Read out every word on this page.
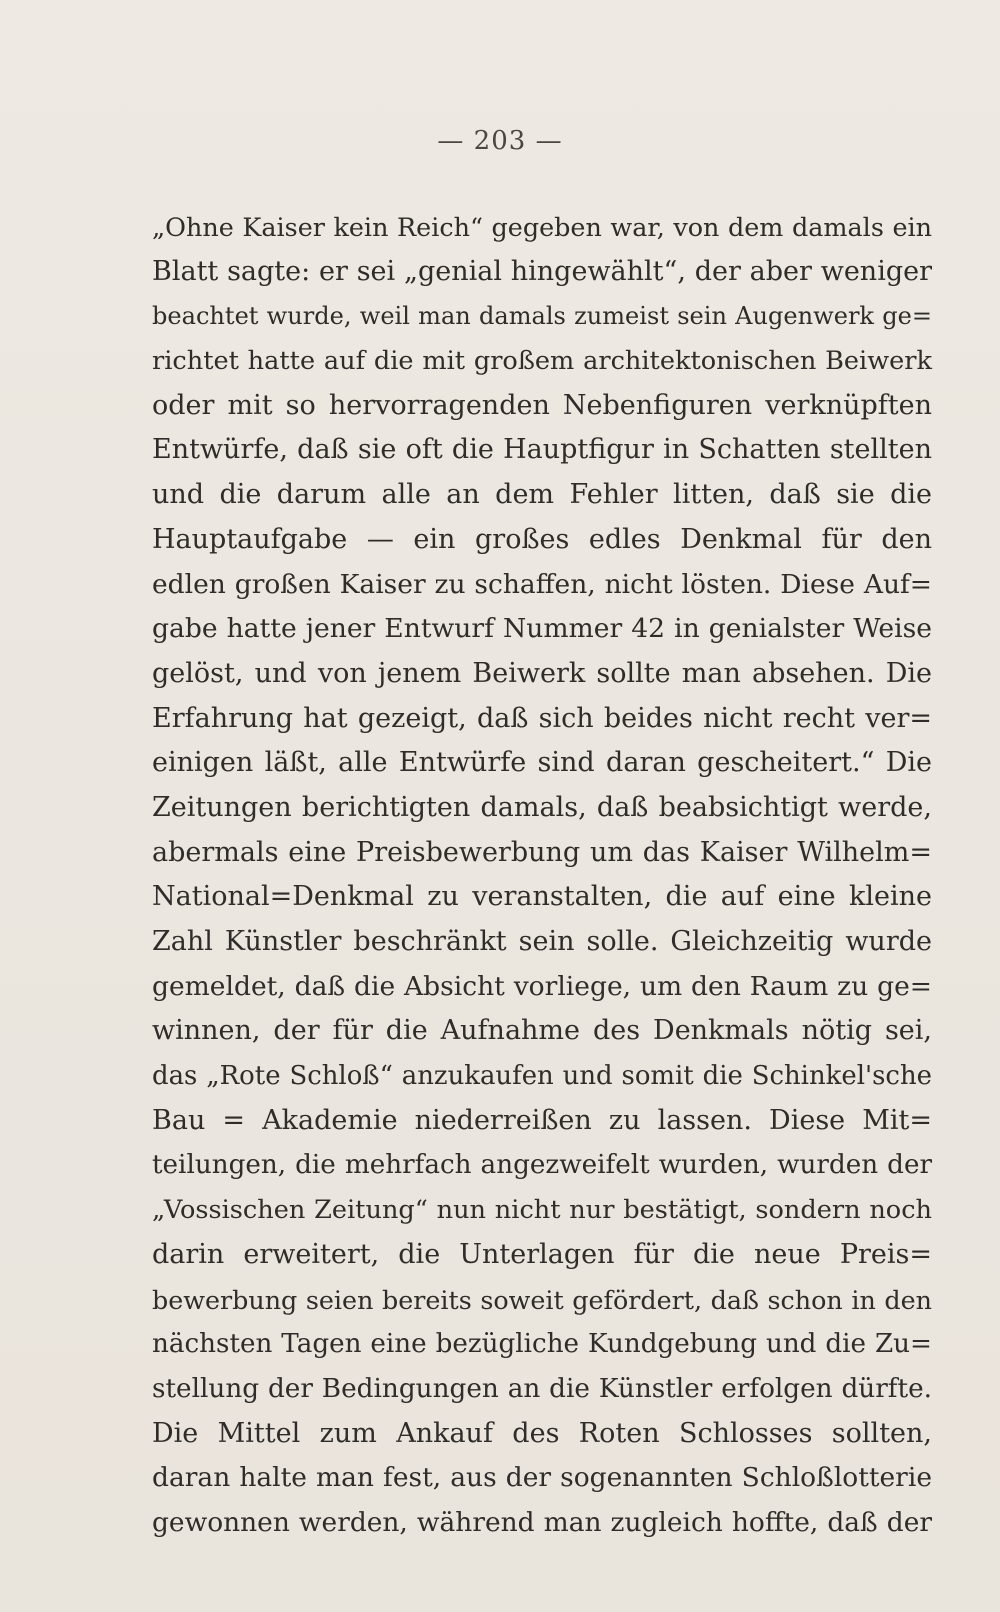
— 203 —
„Ohne Kaiser kein Reich“ gegeben war, von dem damals ein
Blatt sagte: er sei „genial hingewählt“, der aber weniger
beachtet wurde, weil man damals zumeist sein Augenwerk ge=
richtet hatte auf die mit großem architektonischen Beiwerk
oder mit so hervorragenden Nebenfiguren verknüpften
Entwürfe, daß sie oft die Hauptfigur in Schatten stellten
und die darum alle an dem Fehler litten, daß sie die
Hauptaufgabe — ein großes edles Denkmal für den
edlen großen Kaiser zu schaffen, nicht lösten. Diese Auf=
gabe hatte jener Entwurf Nummer 42 in genialster Weise
gelöst, und von jenem Beiwerk sollte man absehen. Die
Erfahrung hat gezeigt, daß sich beides nicht recht ver=
einigen läßt, alle Entwürfe sind daran gescheitert.“ Die
Zeitungen berichtigten damals, daß beabsichtigt werde,
abermals eine Preisbewerbung um das Kaiser Wilhelm=
National=Denkmal zu veranstalten, die auf eine kleine
Zahl Künstler beschränkt sein solle. Gleichzeitig wurde
gemeldet, daß die Absicht vorliege, um den Raum zu ge=
winnen, der für die Aufnahme des Denkmals nötig sei,
das „Rote Schloß“ anzukaufen und somit die Schinkel'sche
Bau = Akademie niederreißen zu lassen. Diese Mit=
teilungen, die mehrfach angezweifelt wurden, wurden der
„Vossischen Zeitung“ nun nicht nur bestätigt, sondern noch
darin erweitert, die Unterlagen für die neue Preis=
bewerbung seien bereits soweit gefördert, daß schon in den
nächsten Tagen eine bezügliche Kundgebung und die Zu=
stellung der Bedingungen an die Künstler erfolgen dürfte.
Die Mittel zum Ankauf des Roten Schlosses sollten,
daran halte man fest, aus der sogenannten Schloßlotterie
gewonnen werden, während man zugleich hoffte, daß der
